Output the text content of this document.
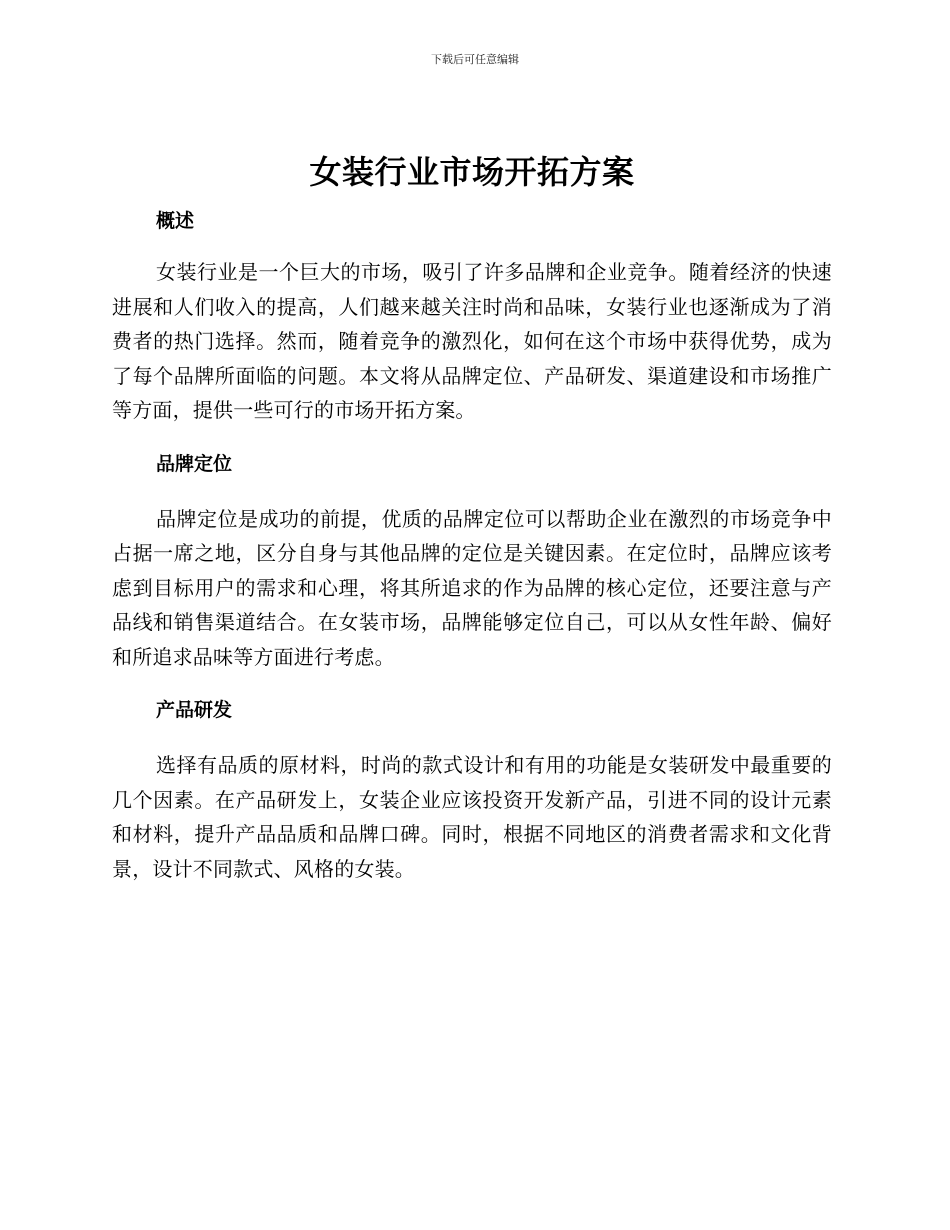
下载后可任意编辑
女装行业市场开拓方案
概述

女装行业是一个巨大的市场，吸引了许多品牌和企业竞争。随着经济的快速进展和人们收入的提高，人们越来越关注时尚和品味，女装行业也逐渐成为了消费者的热门选择。然而，随着竞争的激烈化，如何在这个市场中获得优势，成为了每个品牌所面临的问题。本文将从品牌定位、产品研发、渠道建设和市场推广等方面，提供一些可行的市场开拓方案。

品牌定位

品牌定位是成功的前提，优质的品牌定位可以帮助企业在激烈的市场竞争中占据一席之地，区分自身与其他品牌的定位是关键因素。在定位时，品牌应该考虑到目标用户的需求和心理，将其所追求的作为品牌的核心定位，还要注意与产品线和销售渠道结合。在女装市场，品牌能够定位自己，可以从女性年龄、偏好和所追求品味等方面进行考虑。

产品研发

选择有品质的原材料，时尚的款式设计和有用的功能是女装研发中最重要的几个因素。在产品研发上，女装企业应该投资开发新产品，引进不同的设计元素和材料，提升产品品质和品牌口碑。同时，根据不同地区的消费者需求和文化背景，设计不同款式、风格的女装。
